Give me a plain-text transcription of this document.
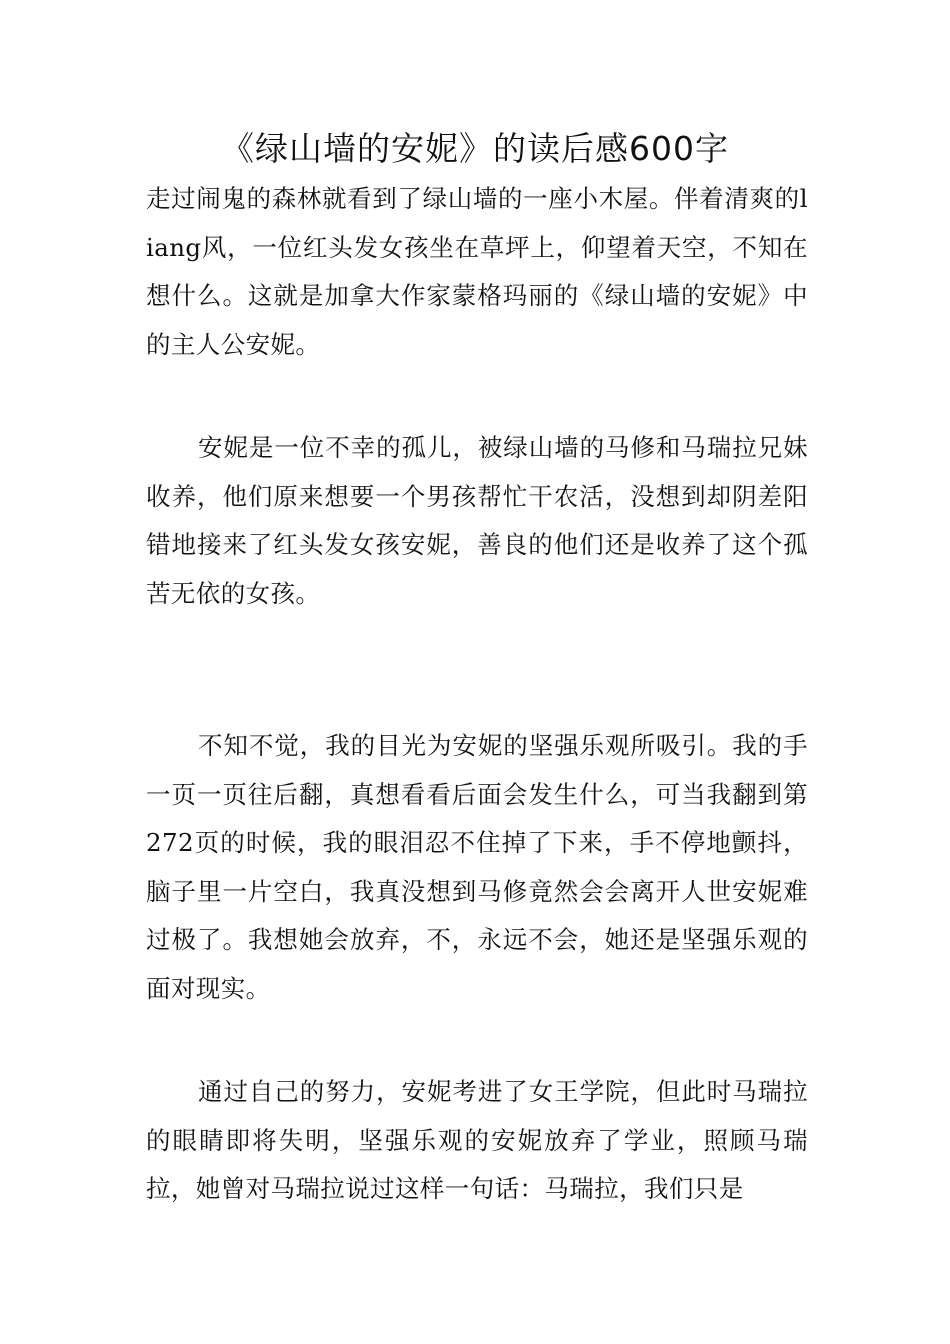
《绿山墙的安妮》的读后感600字

走过闹鬼的森林就看到了绿山墙的一座小木屋。伴着清爽的liang风，一位红头发女孩坐在草坪上，仰望着天空，不知在想什么。这就是加拿大作家蒙格玛丽的《绿山墙的安妮》中的主人公安妮。

安妮是一位不幸的孤儿，被绿山墙的马修和马瑞拉兄妹收养，他们原来想要一个男孩帮忙干农活，没想到却阴差阳错地接来了红头发女孩安妮，善良的他们还是收养了这个孤苦无依的女孩。

不知不觉，我的目光为安妮的坚强乐观所吸引。我的手一页一页往后翻，真想看看后面会发生什么，可当我翻到第272页的时候，我的眼泪忍不住掉了下来，手不停地颤抖，脑子里一片空白，我真没想到马修竟然会会离开人世安妮难过极了。我想她会放弃，不，永远不会，她还是坚强乐观的面对现实。

通过自己的努力，安妮考进了女王学院，但此时马瑞拉的眼睛即将失明，坚强乐观的安妮放弃了学业，照顾马瑞拉，她曾对马瑞拉说过这样一句话：马瑞拉，我们只是
